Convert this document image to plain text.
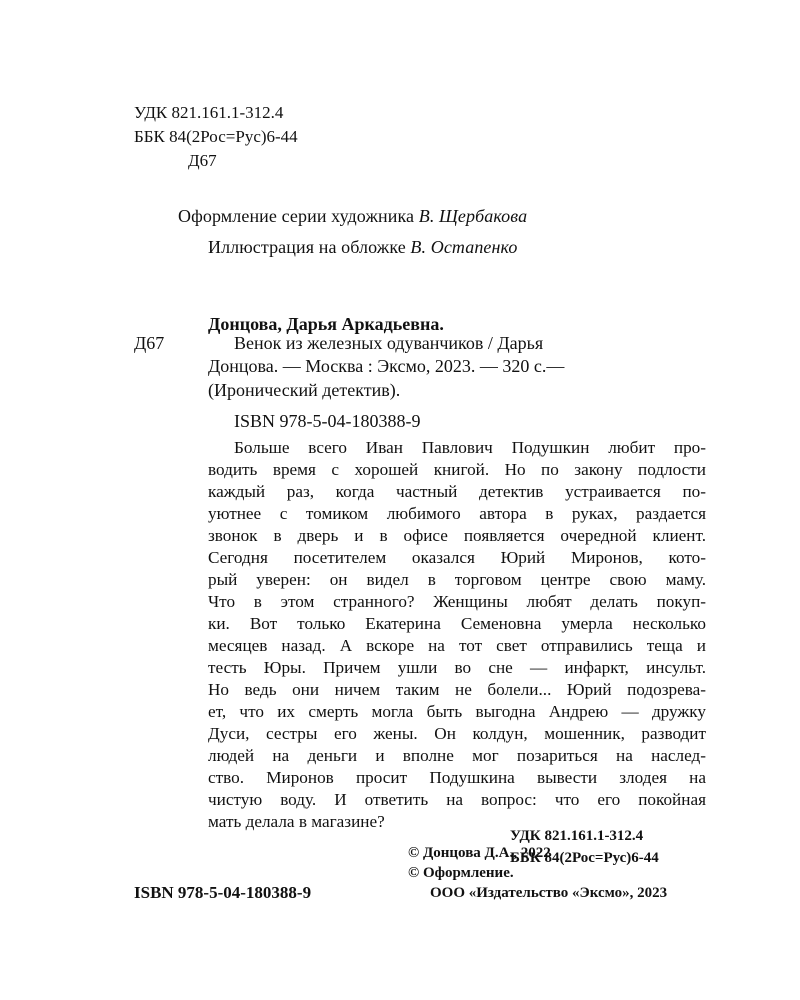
УДК 821.161.1-312.4
ББК 84(2Рос=Рус)6-44
Д67
Оформление серии художника В. Щербакова
Иллюстрация на обложке В. Остапенко
Донцова, Дарья Аркадьевна.
Д67	Венок из железных одуванчиков / Дарья
Донцова. — Москва : Эксмо, 2023. — 320 с.—
(Иронический детектив).
ISBN 978-5-04-180388-9
Больше всего Иван Павлович Подушкин любит про-
водить время с хорошей книгой. Но по закону подлости
каждый раз, когда частный детектив устраивается по-
уютнее с томиком любимого автора в руках, раздается
звонок в дверь и в офисе появляется очередной клиент.
Сегодня посетителем оказался Юрий Миронов, кото-
рый уверен: он видел в торговом центре свою маму.
Что в этом странного? Женщины любят делать покуп-
ки. Вот только Екатерина Семеновна умерла несколько
месяцев назад. А вскоре на тот свет отправились теща и
тесть Юры. Причем ушли во сне — инфаркт, инсульт.
Но ведь они ничем таким не болели... Юрий подозрева-
ет, что их смерть могла быть выгодна Андрею — дружку
Дуси, сестры его жены. Он колдун, мошенник, разводит
людей на деньги и вполне мог позариться на наслед-
ство. Миронов просит Подушкина вывести злодея на
чистую воду. И ответить на вопрос: что его покойная
мать делала в магазине?
УДК 821.161.1-312.4
ББК 84(2Рос=Рус)6-44
© Донцова Д.А., 2022
© Оформление.
ООО «Издательство «Эксмо», 2023
ISBN 978-5-04-180388-9
